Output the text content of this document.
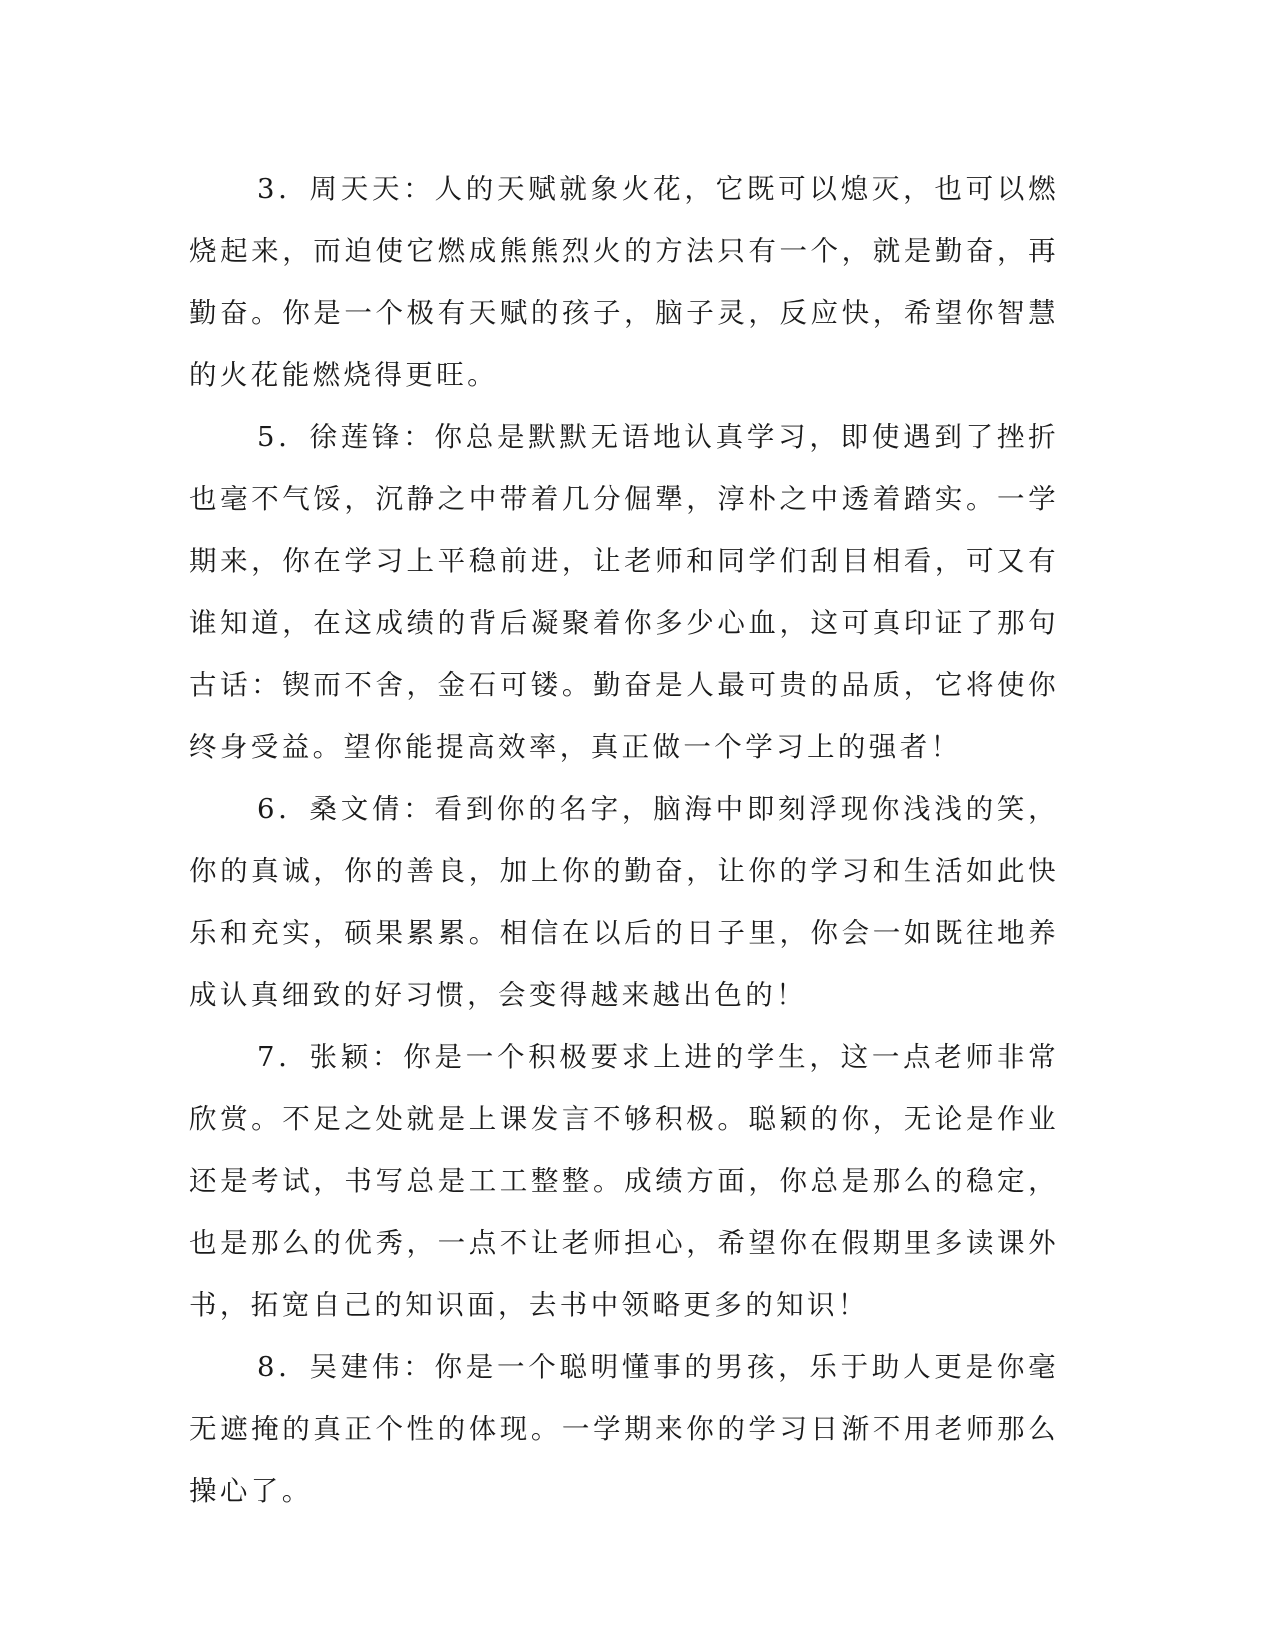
3．周天天：人的天赋就象火花，它既可以熄灭，也可以燃烧起来，而迫使它燃成熊熊烈火的方法只有一个，就是勤奋，再勤奋。你是一个极有天赋的孩子，脑子灵，反应快，希望你智慧的火花能燃烧得更旺。

5．徐莲锋：你总是默默无语地认真学习，即使遇到了挫折也毫不气馁，沉静之中带着几分倔犟，淳朴之中透着踏实。一学期来，你在学习上平稳前进，让老师和同学们刮目相看，可又有谁知道，在这成绩的背后凝聚着你多少心血，这可真印证了那句古话：锲而不舍，金石可镂。勤奋是人最可贵的品质，它将使你终身受益。望你能提高效率，真正做一个学习上的强者！

6．桑文倩：看到你的名字，脑海中即刻浮现你浅浅的笑，你的真诚，你的善良，加上你的勤奋，让你的学习和生活如此快乐和充实，硕果累累。相信在以后的日子里，你会一如既往地养成认真细致的好习惯，会变得越来越出色的！

7．张颖：你是一个积极要求上进的学生，这一点老师非常欣赏。不足之处就是上课发言不够积极。聪颖的你，无论是作业还是考试，书写总是工工整整。成绩方面，你总是那么的稳定，也是那么的优秀，一点不让老师担心，希望你在假期里多读课外书，拓宽自己的知识面，去书中领略更多的知识！

8．吴建伟：你是一个聪明懂事的男孩，乐于助人更是你毫无遮掩的真正个性的体现。一学期来你的学习日渐不用老师那么操心了。
